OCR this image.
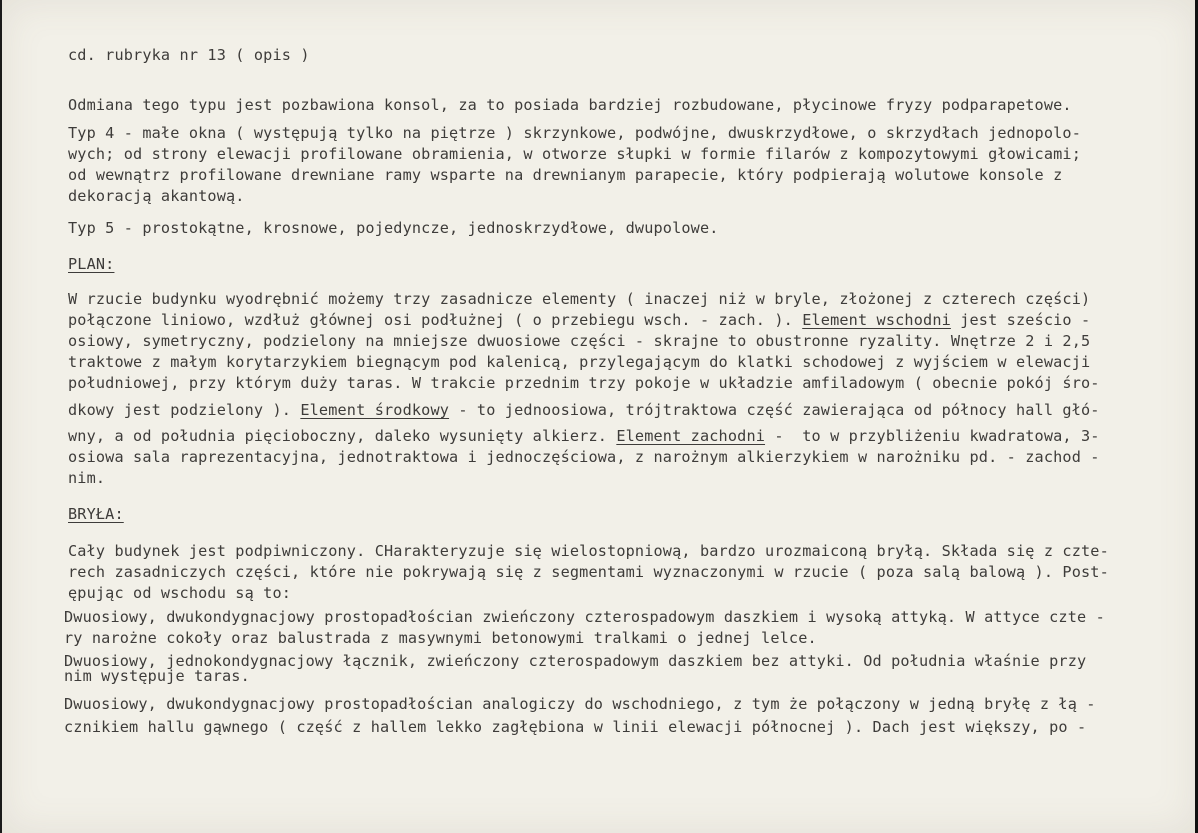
cd. rubryka nr 13 ( opis )
Odmiana tego typu jest pozbawiona konsol, za to posiada bardziej rozbudowane, płycinowe fryzy podparapetowe.
Typ 4 - małe okna ( występują tylko na piętrze ) skrzynkowe, podwójne, dwuskrzydłowe, o skrzydłach jednopolo-
wych; od strony elewacji profilowane obramienia, w otworze słupki w formie filarów z kompozytowymi głowicami;
od wewnątrz profilowane drewniane ramy wsparte na drewnianym parapecie, który podpierają wolutowe konsole z
dekoracją akantową.
Typ 5 - prostokątne, krosnowe, pojedyncze, jednoskrzydłowe, dwupolowe.
PLAN:
W rzucie budynku wyodrębnić możemy trzy zasadnicze elementy ( inaczej niż w bryle, złożonej z czterech części)
połączone liniowo, wzdłuż głównej osi podłużnej ( o przebiegu wsch. - zach. ). Element wschodni jest sześcio -
osiowy, symetryczny, podzielony na mniejsze dwuosiowe części - skrajne to obustronne ryzality. Wnętrze 2 i 2,5
traktowe z małym korytarzykiem biegnącym pod kalenicą, przylegającym do klatki schodowej z wyjściem w elewacji
południowej, przy którym duży taras. W trakcie przednim trzy pokoje w układzie amfiladowym ( obecnie pokój śro-
dkowy jest podzielony ). Element środkowy - to jednoosiowa, trójtraktowa część zawierająca od północy hall głó-
wny, a od południa pięcioboczny, daleko wysunięty alkierz. Element zachodni -  to w przybliżeniu kwadratowa, 3-
osiowa sala raprezentacyjna, jednotraktowa i jednoczęściowa, z narożnym alkierzykiem w narożniku pd. - zachod -
nim.
BRYŁA:
Cały budynek jest podpiwniczony. CHarakteryzuje się wielostopniową, bardzo urozmaiconą bryłą. Składa się z czte-
rech zasadniczych części, które nie pokrywają się z segmentami wyznaczonymi w rzucie ( poza salą balową ). Post-
ępując od wschodu są to:
Dwuosiowy, dwukondygnacjowy prostopadłościan zwieńczony czterospadowym daszkiem i wysoką attyką. W attyce czte -
ry narożne cokoły oraz balustrada z masywnymi betonowymi tralkami o jednej lelce.
Dwuosiowy, jednokondygnacjowy łącznik, zwieńczony czterospadowym daszkiem bez attyki. Od południa właśnie przy
nim występuje taras.
Dwuosiowy, dwukondygnacjowy prostopadłościan analogiczy do wschodniego, z tym że połączony w jedną bryłę z łą -
cznikiem hallu gąwnego ( część z hallem lekko zagłębiona w linii elewacji północnej ). Dach jest większy, po -
